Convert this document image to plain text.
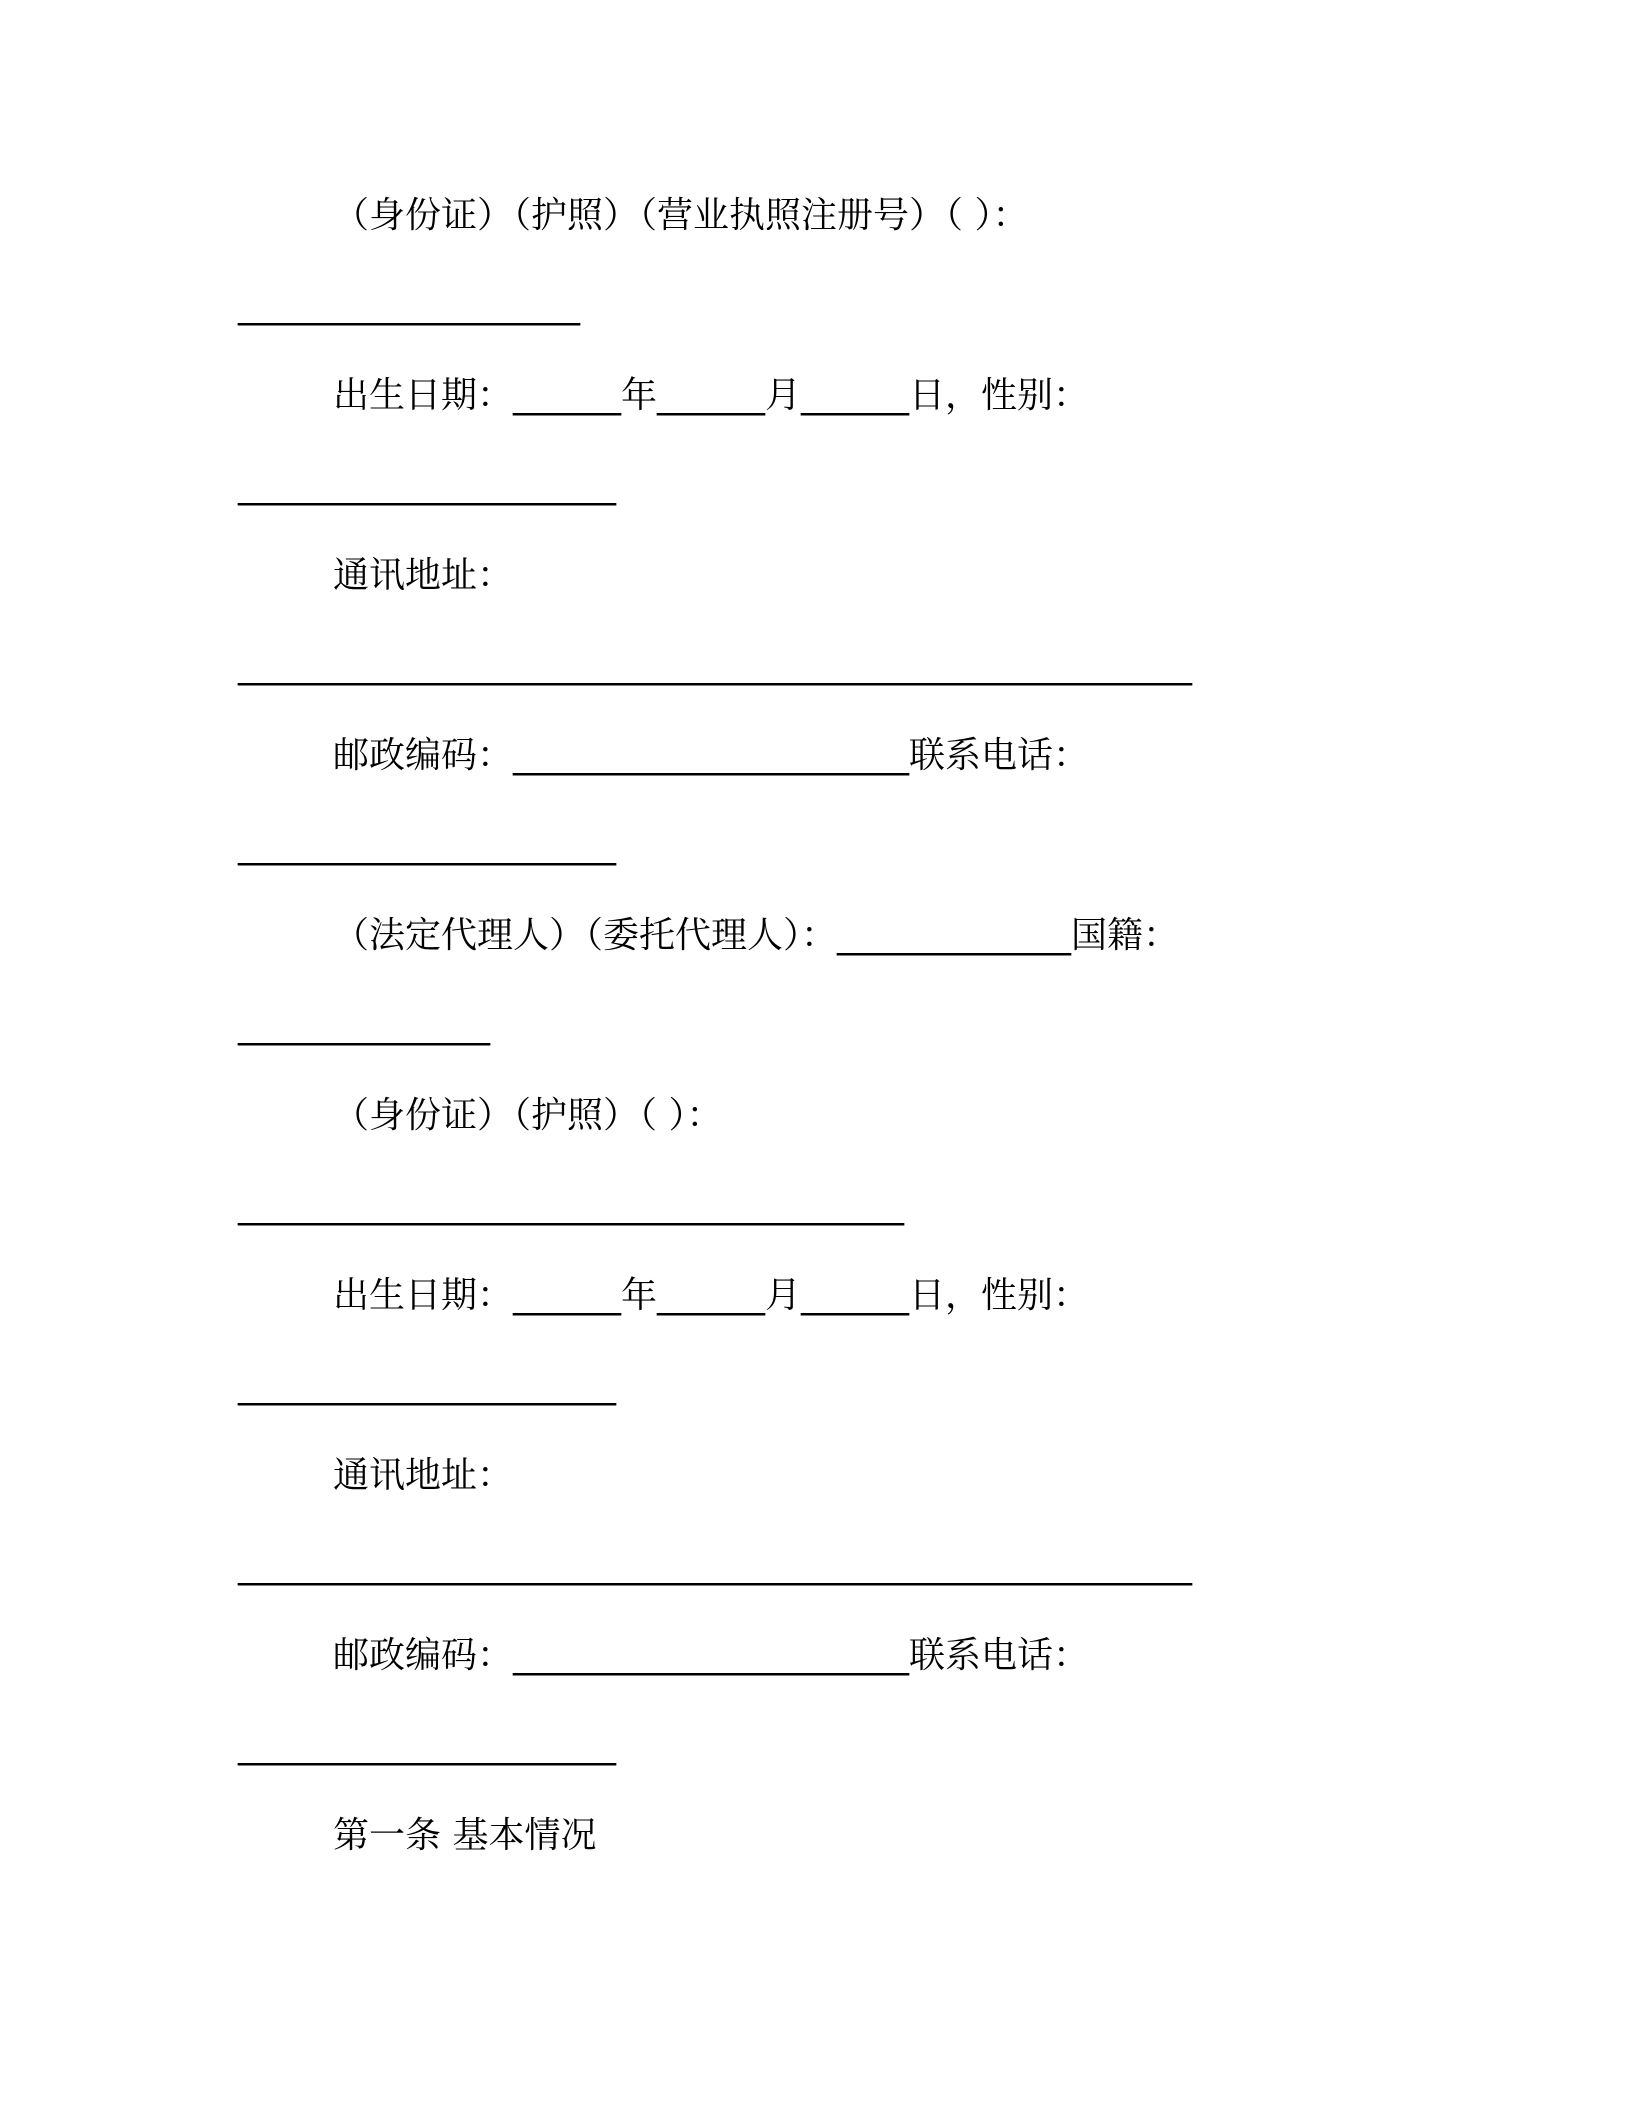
（身份证）（护照）（营业执照注册号）（ ）：
___________________
出生日期：______年______月______日，性别：
_____________________
通讯地址：
_____________________________________________________
邮政编码：______________________联系电话：
_____________________
（法定代理人）（委托代理人）：_____________国籍：
______________
（身份证）（护照）（ ）：
_____________________________________
出生日期：______年______月______日，性别：
_____________________
通讯地址：
_____________________________________________________
邮政编码：______________________联系电话：
_____________________
第一条 基本情况
